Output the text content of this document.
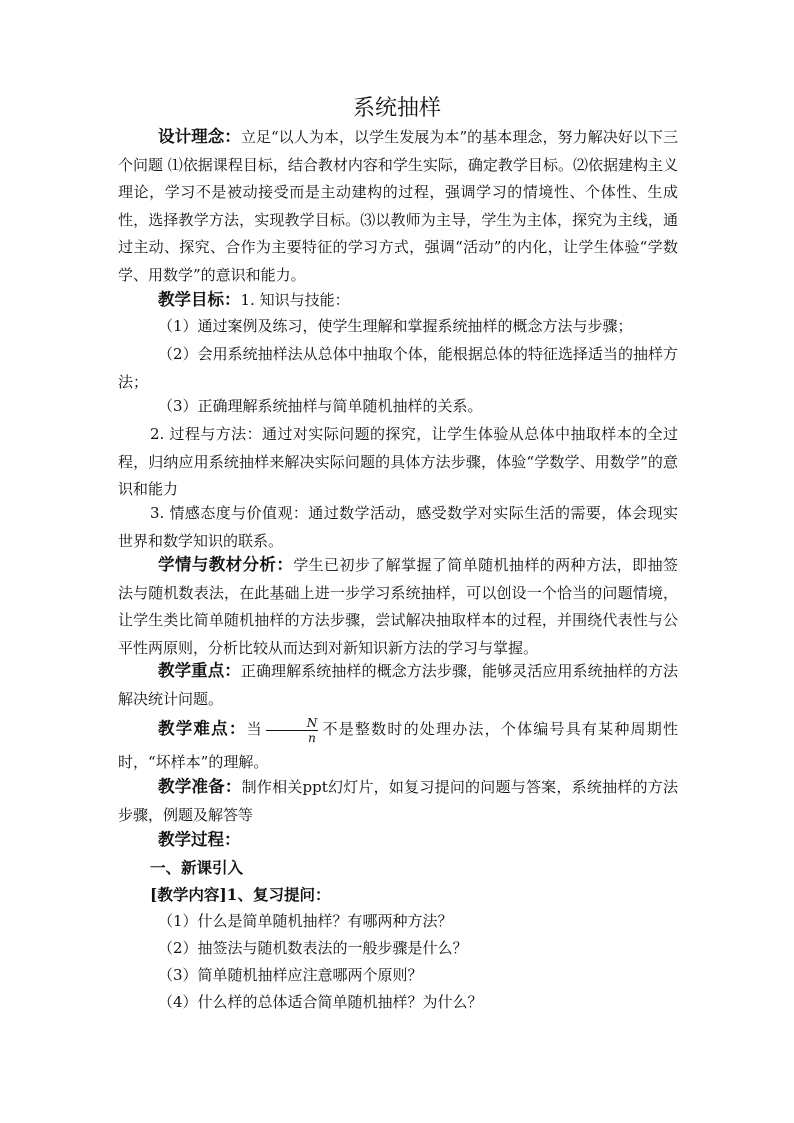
系统抽样

设计理念：立足“以人为本，以学生发展为本”的基本理念，努力解决好以下三个问题 ⑴依据课程目标，结合教材内容和学生实际，确定教学目标。⑵依据建构主义理论，学习不是被动接受而是主动建构的过程，强调学习的情境性、个体性、生成性，选择教学方法，实现教学目标。⑶以教师为主导，学生为主体，探究为主线，通过主动、探究、合作为主要特征的学习方式，强调“活动”的内化，让学生体验“学数学、用数学”的意识和能力。

教学目标：1. 知识与技能：
（1）通过案例及练习，使学生理解和掌握系统抽样的概念方法与步骤；

（2）会用系统抽样法从总体中抽取个体，能根据总体的特征选择适当的抽样方法；

（3）正确理解系统抽样与简单随机抽样的关系。

2. 过程与方法：通过对实际问题的探究，让学生体验从总体中抽取样本的全过程，归纳应用系统抽样来解决实际问题的具体方法步骤，体验“学数学、用数学”的意识和能力

3. 情感态度与价值观：通过数学活动，感受数学对实际生活的需要，体会现实世界和数学知识的联系。

学情与教材分析：学生已初步了解掌握了简单随机抽样的两种方法，即抽签法与随机数表法，在此基础上进一步学习系统抽样，可以创设一个恰当的问题情境，让学生类比简单随机抽样的方法步骤，尝试解决抽取样本的过程，并围绕代表性与公平性两原则，分析比较从而达到对新知识新方法的学习与掌握。

教学重点：正确理解系统抽样的概念方法步骤，能够灵活应用系统抽样的方法解决统计问题。

教学难点：当 $\frac{N}{n}$ 不是整数时的处理办法，个体编号具有某种周期性时，“坏样本”的理解。

教学准备：制作相关ppt幻灯片，如复习提问的问题与答案，系统抽样的方法步骤，例题及解答等

教学过程：
一、新课引入
[教学内容]1、复习提问：
（1）什么是简单随机抽样？有哪两种方法？
（2）抽签法与随机数表法的一般步骤是什么？
（3）简单随机抽样应注意哪两个原则？
（4）什么样的总体适合简单随机抽样？为什么？
